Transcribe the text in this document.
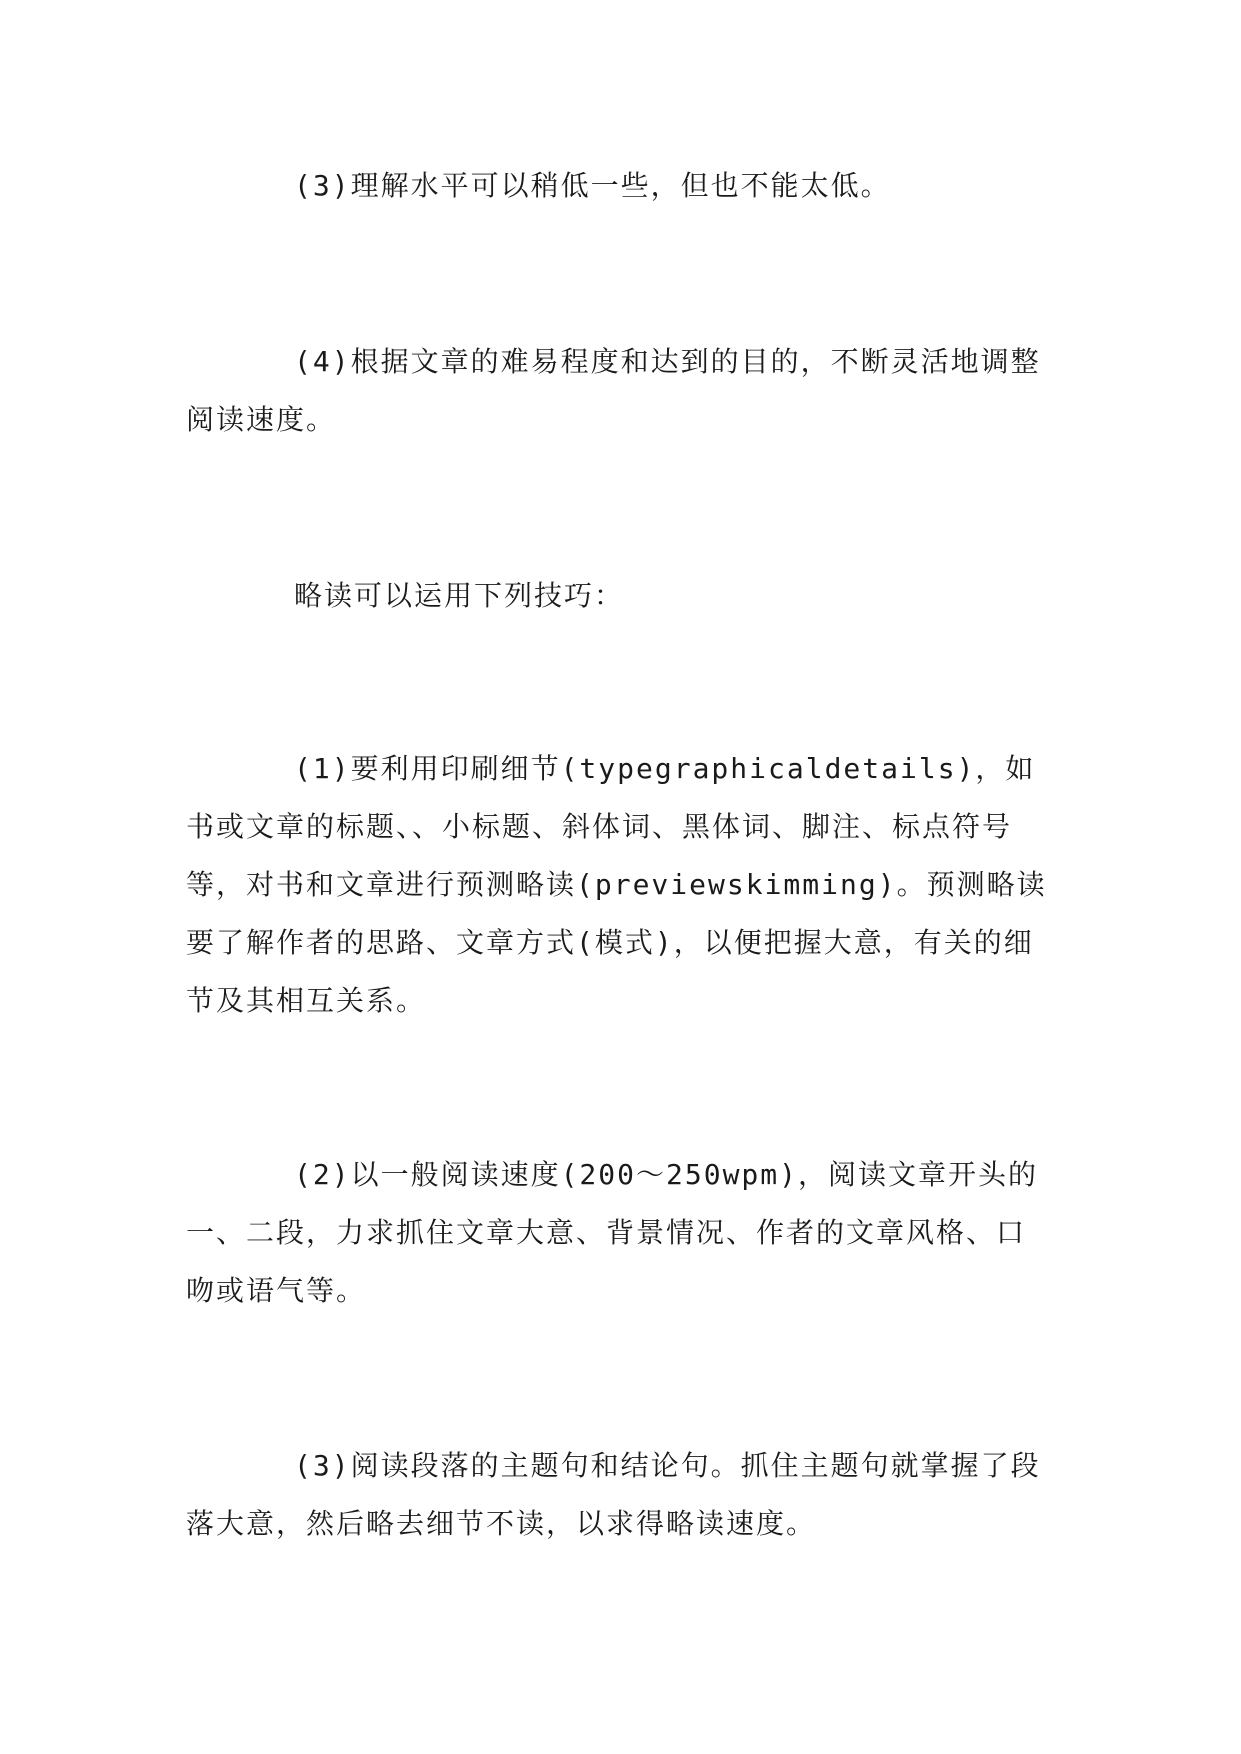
(3)理解水平可以稍低一些，但也不能太低。

(4)根据文章的难易程度和达到的目的，不断灵活地调整阅读速度。

略读可以运用下列技巧：

(1)要利用印刷细节(typegraphicaldetails)，如书或文章的标题、、小标题、斜体词、黑体词、脚注、标点符号等，对书和文章进行预测略读(previewskimming)。预测略读要了解作者的思路、文章方式(模式)，以便把握大意，有关的细节及其相互关系。

(2)以一般阅读速度(200～250wpm)，阅读文章开头的一、二段，力求抓住文章大意、背景情况、作者的文章风格、口吻或语气等。

(3)阅读段落的主题句和结论句。抓住主题句就掌握了段落大意，然后略去细节不读，以求得略读速度。
